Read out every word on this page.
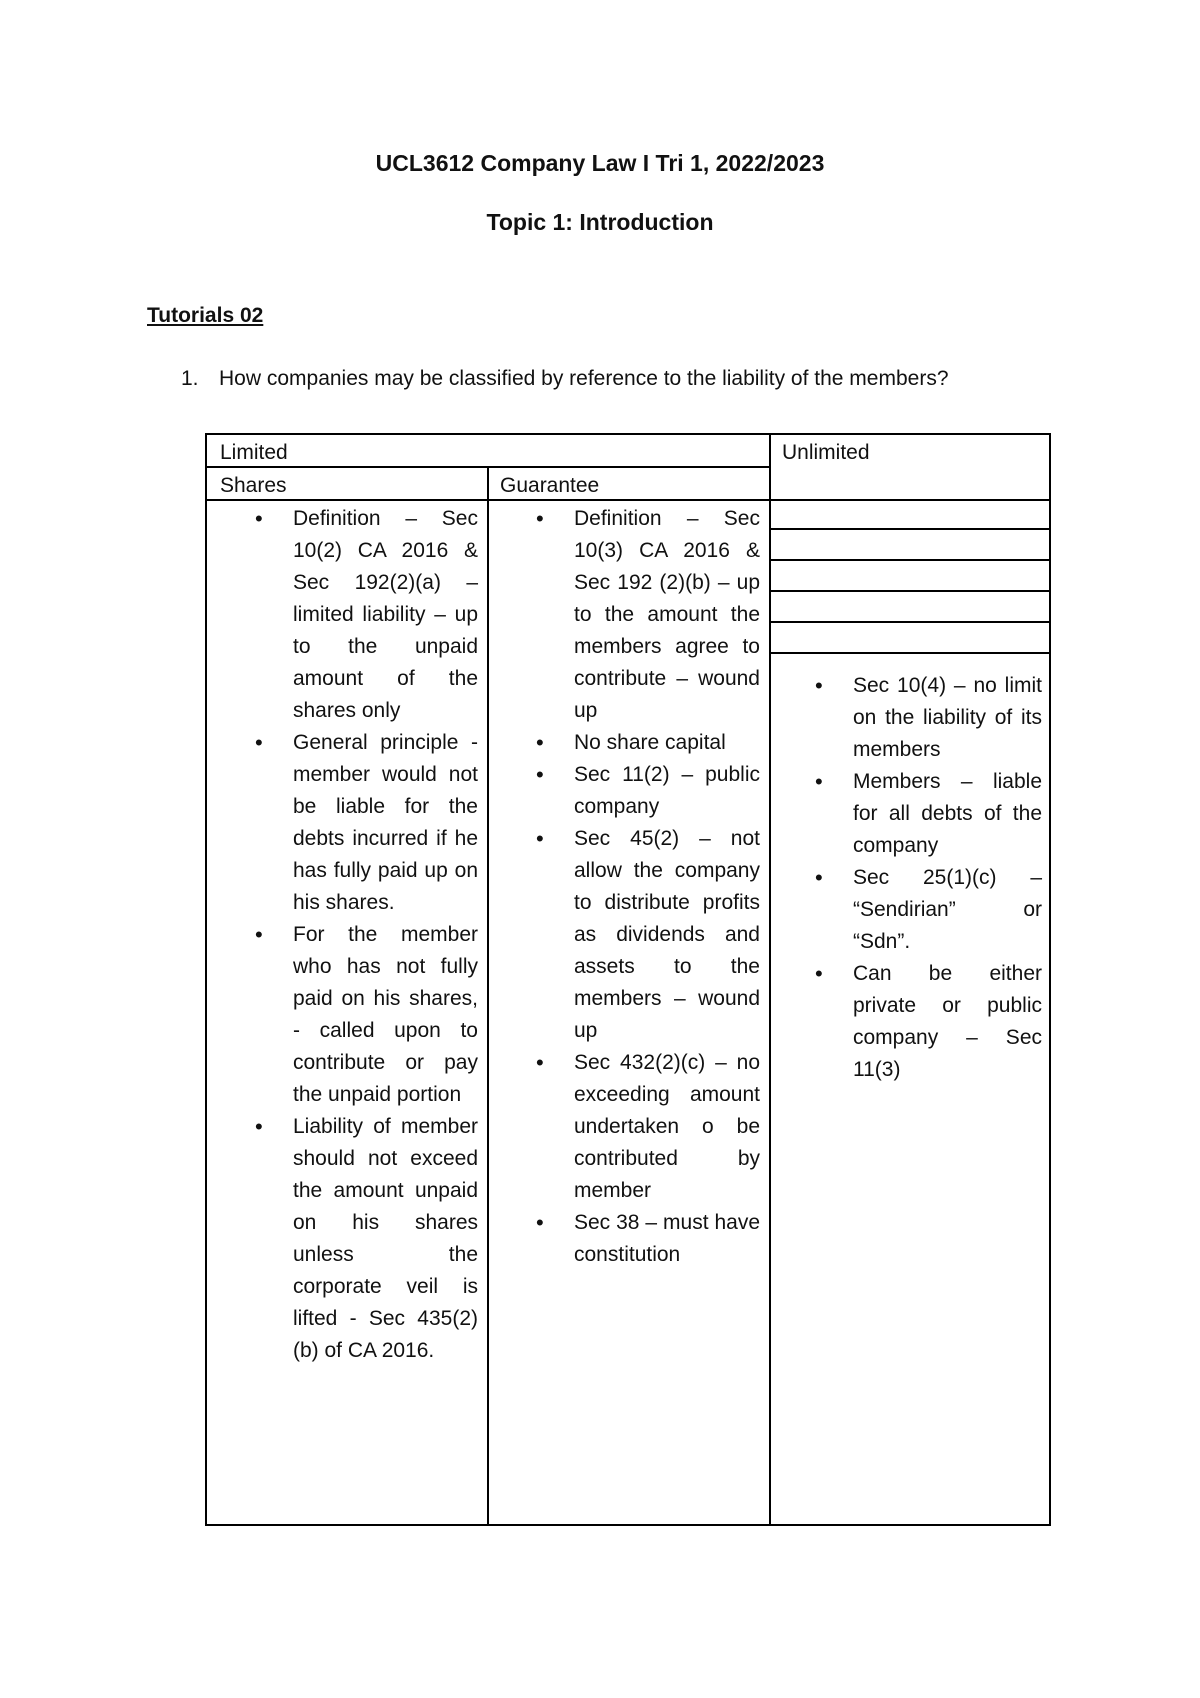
UCL3612 Company Law I Tri 1, 2022/2023
Topic 1: Introduction
Tutorials 02
1. How companies may be classified by reference to the liability of the members?
Limited	Unlimited
Shares	Guarantee
• Definition – Sec 10(2) CA 2016 & Sec 192(2)(a) – limited liability – up to the unpaid amount of the shares only
• General principle - member would not be liable for the debts incurred if he has fully paid up on his shares.
• For the member who has not fully paid on his shares, - called upon to contribute or pay the unpaid portion
• Liability of member should not exceed the amount unpaid on his shares unless the corporate veil is lifted - Sec 435(2)(b) of CA 2016.
• Definition – Sec 10(3) CA 2016 & Sec 192 (2)(b) – up to the amount the members agree to contribute – wound up
• No share capital
• Sec 11(2) – public company
• Sec 45(2) – not allow the company to distribute profits as dividends and assets to the members – wound up
• Sec 432(2)(c) – no exceeding amount undertaken o be contributed by member
• Sec 38 – must have constitution
• Sec 10(4) – no limit on the liability of its members
• Members – liable for all debts of the company
• Sec 25(1)(c) – “Sendirian” or “Sdn”.
• Can be either private or public company – Sec 11(3)
